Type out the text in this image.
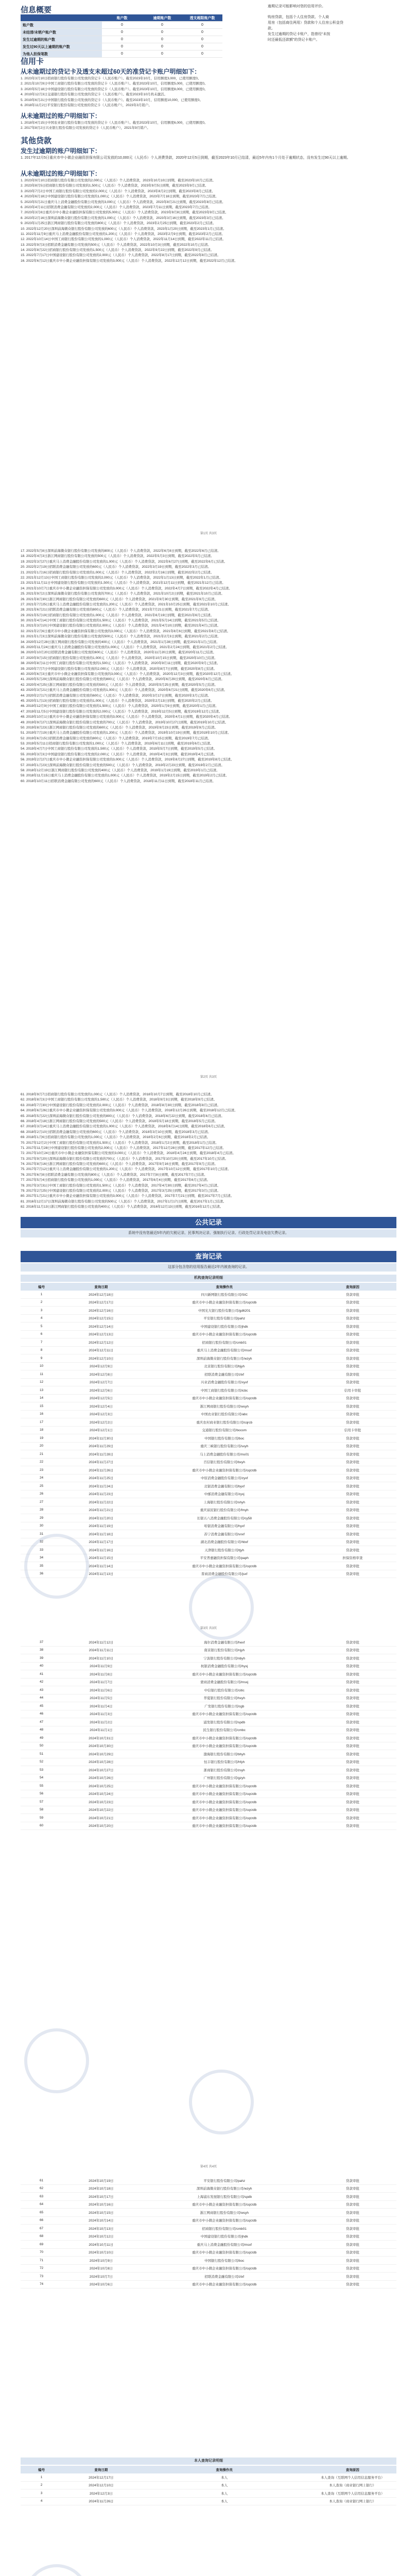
信息概要
	账户数	逾期账户数	透支超限账户数
账户数	0	0	0
未结清/未销户账户数	0	0	0
发生过逾期的账户数	0	0	0
发生过90天以上逾期的账户数	0	0	0
为他人担保笔数	0	0	0
逾期记录可能影响对您的信用评价。
购房贷款，包括个人住房贷款、个人商
用房（包括商住两用）贷款和个人住房公积金贷
款。
发生过逾期的贷记卡账户，指曾经“未按
时还最低还款额”的贷记卡账户。
信用卡
从未逾期过的贷记卡及透支未超过60天的准贷记卡账户明细如下：
1. 2023年3月10日招商银行股份有限公司发放的贷记卡（人民币账户）。截至2023年10月，信用额度3,000，已使用额度0。
2. 2021年10月9日中国工商银行股份有限公司发放的贷记卡（人民币账户）。截至2023年10月，信用额度5,000，已使用额度0。
3. 2020年5月18日中国建设银行股份有限公司发放的贷记卡（人民币账户）。截至2023年10月，信用额度8,000，已使用额度0。
4. 2019年12月3日交通银行股份有限公司发放的贷记卡（人民币账户）。截至2023年10月尚未激活。
5. 2019年6月21日中国银行股份有限公司发放的贷记卡（人民币账户）。截至2023年10月，信用额度10,000，已使用额度0。
6. 2018年11月2日平安银行股份有限公司发放的贷记卡（人民币账户），2023年3月销户。
从未逾期过的账户明细如下：
1. 2018年4月15日中国农业银行股份有限公司发放的贷记卡（人民币账户）。截至2023年10月，信用额度6,000，已使用额度0。
2. 2017年8月2日兴业银行股份有限公司发放的贷记卡（人民币账户），2021年9月销户。
其他贷款
发生过逾期的账户明细如下：
1. 2017年12月5日重庆市中小微企业融资担保有限公司发放的10,000元（人民币）个人消费贷款，2020年12月5日到期，截至2023年10月已结清，最近5年内有1个月处于逾期状态，没有发生过90天以上逾期。
从未逾期过的账户明细如下：
1. 2023年9月10日招商银行股份有限公司发放的2,000元（人民币）个人消费贷款，2023年10月10日到期，截至2023年10月已结清。
2. 2023年8月5日招商银行股份有限公司发放的1,500元（人民币）个人消费贷款，2023年9月5日到期，截至2023年9月已结清。
3. 2023年7月2日中国工商银行股份有限公司发放的2,000元（人民币）个人消费贷款，2023年8月2日到期，截至2023年8月已结清。
4. 2023年6月18日中国建设银行股份有限公司发放的1,000元（人民币）个人消费贷款，2023年7月18日到期，截至2023年7月已结清。
5. 2023年5月21日重庆马上消费金融股份有限公司发放的3,000元（人民币）个人消费贷款，2023年8月21日到期，截至2023年8月已结清。
6. 2023年4月11日招联消费金融有限公司发放的2,000元（人民币）个人消费贷款，2023年7月11日到期，截至2023年7月已结清。
7. 2023年3月8日重庆市中小微企业融资担保有限公司发放的5,000元（人民币）个人消费贷款，2023年9月8日到期，截至2023年9月已结清。
8. 2023年2月16日深圳前海微众银行股份有限公司发放的1,000元（人民币）个人消费贷款，2023年3月16日到期，截至2023年3月已结清。
9. 2023年1月25日浙江网商银行股份有限公司发放的800元（人民币）个人消费贷款，2023年2月25日到期，截至2023年2月已结清。
10. 2022年12月20日深圳前海微众银行股份有限公司发放的600元（人民币）个人消费贷款，2023年1月20日到期，截至2023年1月已结清。
11. 2022年11月9日重庆马上消费金融股份有限公司发放的1,200元（人民币）个人消费贷款，2023年2月9日到期，截至2023年2月已结清。
12. 2022年10月14日中国工商银行股份有限公司发放的1,000元（人民币）个人消费贷款，2022年11月14日到期，截至2022年11月已结清。
13. 2022年9月3日招联消费金融有限公司发放的500元（人民币）个人消费贷款，2022年10月3日到期，截至2022年10月已结清。
14. 2022年8月22日招商银行股份有限公司发放的1,500元（人民币）个人消费贷款，2022年9月22日到期，截至2022年9月已结清。
15. 2022年7月17日中国建设银行股份有限公司发放的2,000元（人民币）个人消费贷款，2022年8月17日到期，截至2022年8月已结清。
16. 2022年6月12日重庆市中小微企业融资担保有限公司发放的3,000元（人民币）个人消费贷款，2022年12月12日到期，截至2022年12月已结清。
第1页 共3页
17. 2022年5月8日深圳前海微众银行股份有限公司发放的800元（人民币）个人消费贷款，2022年6月8日到期，截至2022年6月已结清。
18. 2022年4月3日浙江网商银行股份有限公司发放的500元（人民币）个人消费贷款，2022年5月3日到期，截至2022年5月已结清。
19. 2022年3月27日重庆马上消费金融股份有限公司发放的1,000元（人民币）个人消费贷款，2022年6月27日到期，截至2022年6月已结清。
20. 2022年2月19日招联消费金融有限公司发放的600元（人民币）个人消费贷款，2022年3月19日到期，截至2022年3月已结清。
21. 2022年1月16日招商银行股份有限公司发放的1,000元（人民币）个人消费贷款，2022年2月16日到期，截至2022年2月已结清。
22. 2021年12月13日中国工商银行股份有限公司发放的2,000元（人民币）个人消费贷款，2022年1月13日到期，截至2022年1月已结清。
23. 2021年11月11日中国建设银行股份有限公司发放的1,500元（人民币）个人消费贷款，2021年12月11日到期，截至2021年12月已结清。
24. 2021年10月7日重庆市中小微企业融资担保有限公司发放的3,000元（人民币）个人消费贷款，2022年4月7日到期，截至2022年4月已结清。
25. 2021年9月2日深圳前海微众银行股份有限公司发放的700元（人民币）个人消费贷款，2021年10月2日到期，截至2021年10月已结清。
26. 2021年8月30日浙江网商银行股份有限公司发放的600元（人民币）个人消费贷款，2021年9月30日到期，截至2021年9月已结清。
27. 2021年7月25日重庆马上消费金融股份有限公司发放的1,200元（人民币）个人消费贷款，2021年10月25日到期，截至2021年10月已结清。
28. 2021年6月21日招联消费金融有限公司发放的800元（人民币）个人消费贷款，2021年7月21日到期，截至2021年7月已结清。
29. 2021年5月19日招商银行股份有限公司发放的1,000元（人民币）个人消费贷款，2021年6月19日到期，截至2021年6月已结清。
30. 2021年4月14日中国工商银行股份有限公司发放的1,500元（人民币）个人消费贷款，2021年5月14日到期，截至2021年5月已结清。
31. 2021年3月10日中国建设银行股份有限公司发放的2,000元（人民币）个人消费贷款，2021年4月10日到期，截至2021年4月已结清。
32. 2021年2月6日重庆市中小微企业融资担保有限公司发放的3,000元（人民币）个人消费贷款，2021年8月6日到期，截至2021年8月已结清。
33. 2021年1月3日深圳前海微众银行股份有限公司发放的500元（人民币）个人消费贷款，2021年2月3日到期，截至2021年2月已结清。
34. 2020年12月28日浙江网商银行股份有限公司发放的400元（人民币）个人消费贷款，2021年1月28日到期，截至2021年1月已结清。
35. 2020年11月24日重庆马上消费金融股份有限公司发放的1,000元（人民币）个人消费贷款，2021年2月24日到期，截至2021年2月已结清。
36. 2020年10月20日招联消费金融有限公司发放的600元（人民币）个人消费贷款，2020年11月20日到期，截至2020年11月已结清。
37. 2020年9月15日招商银行股份有限公司发放的1,000元（人民币）个人消费贷款，2020年10月15日到期，截至2020年10月已结清。
38. 2020年8月11日中国工商银行股份有限公司发放的1,500元（人民币）个人消费贷款，2020年9月11日到期，截至2020年9月已结清。
39. 2020年7月7日中国建设银行股份有限公司发放的2,000元（人民币）个人消费贷款，2020年8月7日到期，截至2020年8月已结清。
40. 2020年6月3日重庆市中小微企业融资担保有限公司发放的3,000元（人民币）个人消费贷款，2020年12月3日到期，截至2020年12月已结清。
41. 2020年5月29日深圳前海微众银行股份有限公司发放的800元（人民币）个人消费贷款，2020年6月29日到期，截至2020年6月已结清。
42. 2020年4月25日浙江网商银行股份有限公司发放的500元（人民币）个人消费贷款，2020年5月25日到期，截至2020年5月已结清。
43. 2020年3月21日重庆马上消费金融股份有限公司发放的1,000元（人民币）个人消费贷款，2020年6月21日到期，截至2020年6月已结清。
44. 2020年2月17日招联消费金融有限公司发放的600元（人民币）个人消费贷款，2020年3月17日到期，截至2020年3月已结清。
45. 2020年1月13日招商银行股份有限公司发放的1,000元（人民币）个人消费贷款，2020年2月13日到期，截至2020年2月已结清。
46. 2019年12月9日中国工商银行股份有限公司发放的1,500元（人民币）个人消费贷款，2020年1月9日到期，截至2020年1月已结清。
47. 2019年11月5日中国建设银行股份有限公司发放的2,000元（人民币）个人消费贷款，2019年12月5日到期，截至2019年12月已结清。
48. 2019年10月1日重庆市中小微企业融资担保有限公司发放的3,000元（人民币）个人消费贷款，2020年4月1日到期，截至2020年4月已结清。
49. 2019年9月27日深圳前海微众银行股份有限公司发放的700元（人民币）个人消费贷款，2019年10月27日到期，截至2019年10月已结清。
50. 2019年8月23日浙江网商银行股份有限公司发放的600元（人民币）个人消费贷款，2019年9月23日到期，截至2019年9月已结清。
51. 2019年7月19日重庆马上消费金融股份有限公司发放的1,200元（人民币）个人消费贷款，2019年10月19日到期，截至2019年10月已结清。
52. 2019年6月15日招联消费金融有限公司发放的800元（人民币）个人消费贷款，2019年7月15日到期，截至2019年7月已结清。
53. 2019年5月11日招商银行股份有限公司发放的1,000元（人民币）个人消费贷款，2019年6月11日到期，截至2019年6月已结清。
54. 2019年4月7日中国工商银行股份有限公司发放的1,500元（人民币）个人消费贷款，2019年5月7日到期，截至2019年5月已结清。
55. 2019年3月3日中国建设银行股份有限公司发放的2,000元（人民币）个人消费贷款，2019年4月3日到期，截至2019年4月已结清。
56. 2019年2月27日重庆市中小微企业融资担保有限公司发放的3,000元（人民币）个人消费贷款，2019年8月27日到期，截至2019年8月已结清。
57. 2019年1月23日深圳前海微众银行股份有限公司发放的500元（人民币）个人消费贷款，2019年2月23日到期，截至2019年2月已结清。
58. 2018年12月19日浙江网商银行股份有限公司发放的400元（人民币）个人消费贷款，2019年1月19日到期，截至2019年1月已结清。
59. 2018年11月15日重庆马上消费金融股份有限公司发放的1,000元（人民币）个人消费贷款，2019年2月15日到期，截至2019年2月已结清。
60. 2018年10月11日招联消费金融有限公司发放的600元（人民币）个人消费贷款，2018年11月11日到期，截至2018年11月已结清。
第2页 共3页
61. 2018年9月7日招商银行股份有限公司发放的1,000元（人民币）个人消费贷款，2018年10月7日到期，截至2018年10月已结清。
62. 2018年8月3日中国工商银行股份有限公司发放的1,500元（人民币）个人消费贷款，2018年9月3日到期，截至2018年9月已结清。
63. 2018年7月30日中国建设银行股份有限公司发放的2,000元（人民币）个人消费贷款，2018年8月30日到期，截至2018年8月已结清。
64. 2018年6月26日重庆市中小微企业融资担保有限公司发放的3,000元（人民币）个人消费贷款，2018年12月26日到期，截至2018年12月已结清。
65. 2018年5月22日深圳前海微众银行股份有限公司发放的800元（人民币）个人消费贷款，2018年6月22日到期，截至2018年6月已结清。
66. 2018年4月18日浙江网商银行股份有限公司发放的500元（人民币）个人消费贷款，2018年5月18日到期，截至2018年5月已结清。
67. 2018年3月14日重庆马上消费金融股份有限公司发放的1,000元（人民币）个人消费贷款，2018年6月14日到期，截至2018年6月已结清。
68. 2018年2月10日招联消费金融有限公司发放的600元（人民币）个人消费贷款，2018年3月10日到期，截至2018年3月已结清。
69. 2018年1月6日招商银行股份有限公司发放的1,000元（人民币）个人消费贷款，2018年2月6日到期，截至2018年2月已结清。
70. 2017年12月2日中国工商银行股份有限公司发放的1,500元（人民币）个人消费贷款，2018年1月2日到期，截至2018年1月已结清。
71. 2017年11月28日中国建设银行股份有限公司发放的2,000元（人民币）个人消费贷款，2017年12月28日到期，截至2017年12月已结清。
72. 2017年10月24日重庆市中小微企业融资担保有限公司发放的3,000元（人民币）个人消费贷款，2018年4月24日到期，截至2018年4月已结清。
73. 2017年9月20日深圳前海微众银行股份有限公司发放的700元（人民币）个人消费贷款，2017年10月20日到期，截至2017年10月已结清。
74. 2017年8月16日浙江网商银行股份有限公司发放的600元（人民币）个人消费贷款，2017年9月16日到期，截至2017年9月已结清。
75. 2017年7月12日重庆马上消费金融股份有限公司发放的1,200元（人民币）个人消费贷款，2017年10月12日到期，截至2017年10月已结清。
76. 2017年6月8日招联消费金融有限公司发放的800元（人民币）个人消费贷款，2017年7月8日到期，截至2017年7月已结清。
77. 2017年5月4日招商银行股份有限公司发放的1,000元（人民币）个人消费贷款，2017年6月4日到期，截至2017年6月已结清。
78. 2017年3月31日中国工商银行股份有限公司发放的1,500元（人民币）个人消费贷款，2017年4月30日到期，截至2017年4月已结清。
79. 2017年2月25日中国建设银行股份有限公司发放的2,000元（人民币）个人消费贷款，2017年3月25日到期，截至2017年3月已结清。
80. 2017年1月21日重庆市中小微企业融资担保有限公司发放的3,000元（人民币）个人消费贷款，2017年7月21日到期，截至2017年7月已结清。
81. 2016年12月17日深圳前海微众银行股份有限公司发放的500元（人民币）个人消费贷款，2017年1月17日到期，截至2017年1月已结清。
82. 2016年11月13日浙江网商银行股份有限公司发放的400元（人民币）个人消费贷款，2016年12月13日到期，截至2016年12月已结清。
公共记录
系统中没有您最近5年内的欠税记录、民事判决记录、强制执行记录、行政处罚记录及电信欠费记录。
查询记录
这部分包含您的信用报告最近2年内被查询的记录。
机构查询记录明细
编号	查询日期	查询操作员	查询原因
1	2024年12月18日	四川新网银行股份有限公司/SIC	贷款审批
2	2024年12月17日	重庆市中小微企业融资担保有限公司/cqrzdb	贷款审批
3	2024年12月16日	中国光大银行股份有限公司/gd6201	贷款审批
4	2024年12月15日	平安银行股份有限公司/pahz	贷款审批
5	2024年12月14日	中国建设银行股份有限公司/jhdk	贷款审批
6	2024年12月13日	重庆市中小微企业融资担保有限公司/cqrzdb	贷款审批
7	2024年12月12日	招商银行股份有限公司/cmb01	贷款审批
8	2024年12月11日	重庆马上消费金融股份有限公司/msxf	贷款审批
9	2024年12月10日	深圳前海微众银行股份有限公司/wzyh	贷款审批
10	2024年12月9日	北京银行股份有限公司/bjyh	贷款审批
11	2024年12月8日	招联消费金融有限公司/zlxf	贷款审批
12	2024年12月7日	兴业消费金融股份有限公司/xyxf	贷款审批
13	2024年12月6日	中国工商银行股份有限公司/icbc	信用卡审批
14	2024年12月5日	重庆市中小微企业融资担保有限公司/cqrzdb	贷款审批
15	2024年12月4日	浙江网商银行股份有限公司/wsyh	贷款审批
16	2024年12月3日	中国农业银行股份有限公司/abc	贷款审批
17	2024年12月2日	重庆农村商业银行股份有限公司/cqrcb	贷款审批
18	2024年12月1日	交通银行股份有限公司/bocom	信用卡审批
19	2024年11月30日	中国银行股份有限公司/boc	贷款审批
20	2024年11月29日	重庆三峡银行股份有限公司/sxyh	贷款审批
21	2024年11月28日	马上消费金融股份有限公司/ms01	贷款审批
22	2024年11月27日	百信银行股份有限公司/bxyh	贷款审批
23	2024年11月26日	重庆市中小微企业融资担保有限公司/cqrzdb	贷款审批
24	2024年11月25日	中原消费金融股份有限公司/zyxf	贷款审批
25	2024年11月24日	北银消费金融有限公司/byxf	贷款审批
26	2024年11月23日	中邮消费金融有限公司/zyxj	贷款审批
27	2024年11月22日	上海银行股份有限公司/shyh	贷款审批
28	2024年11月21日	重庆富民银行股份有限公司/fmyh	贷款审批
29	2024年11月20日	长银五八消费金融股份有限公司/cy58	贷款审批
30	2024年11月19日	哈银消费金融有限公司/hyxf	贷款审批
31	2024年11月18日	苏宁消费金融有限公司/snxf	贷款审批
32	2024年11月17日	湖北消费金融股份有限公司/hbxf	贷款审批
33	2024年11月16日	天津银行股份有限公司/tjyh	贷款审批
34	2024年11月15日	平安普惠融资担保有限公司/paph	担保资格审查
35	2024年11月14日	重庆市中小微企业融资担保有限公司/cqrzdb	贷款审批
36	2024年11月13日	晋商消费金融股份有限公司/jsxf	贷款审批
第3页 共3页
37	2024年11月12日	海尔消费金融有限公司/hexf	贷款审批
38	2024年11月11日	南京银行股份有限公司/njyh	贷款审批
39	2024年11月10日	宁波银行股份有限公司/nbyh	贷款审批
40	2024年11月9日	杭银消费金融股份有限公司/hyxj	贷款审批
41	2024年11月8日	重庆市中小微企业融资担保有限公司/cqrzdb	贷款审批
42	2024年11月7日	蒙商消费金融股份有限公司/msxj	贷款审批
43	2024年11月6日	中信银行股份有限公司/citic	贷款审批
44	2024年11月5日	华夏银行股份有限公司/hxyh	贷款审批
45	2024年11月4日	广发银行股份有限公司/cgb	贷款审批
46	2024年11月3日	重庆市中小微企业融资担保有限公司/cqrzdb	贷款审批
47	2024年11月2日	浦发银行股份有限公司/spdb	贷款审批
48	2024年11月1日	民生银行股份有限公司/cmbc	贷款审批
49	2024年10月31日	重庆市中小微企业融资担保有限公司/cqrzdb	贷款审批
50	2024年10月30日	重庆市中小微企业融资担保有限公司/cqrzdb	贷款审批
51	2024年10月29日	渤海银行股份有限公司/bhyh	贷款审批
52	2024年10月28日	恒丰银行股份有限公司/hfyh	贷款审批
53	2024年10月27日	浙商银行股份有限公司/zsyh	贷款审批
54	2024年10月26日	广州银行股份有限公司/gzyh	贷款审批
55	2024年10月25日	重庆市中小微企业融资担保有限公司/cqrzdb	贷款审批
56	2024年10月24日	重庆市中小微企业融资担保有限公司/cqrzdb	贷款审批
57	2024年10月23日	重庆市中小微企业融资担保有限公司/cqrzdb	贷款审批
58	2024年10月22日	重庆市中小微企业融资担保有限公司/cqrzdb	贷款审批
59	2024年10月21日	重庆市中小微企业融资担保有限公司/cqrzdb	贷款审批
60	2024年10月20日	重庆市中小微企业融资担保有限公司/cqrzdb	贷款审批
第4页 共4页
61	2024年10月19日	平安银行股份有限公司/pahz	贷款审批
62	2024年10月18日	深圳前海微众银行股份有限公司/wzyh	贷款审批
63	2024年10月17日	上海浦东发展银行股份有限公司/spdb	贷款审批
64	2024年10月16日	重庆市中小微企业融资担保有限公司/cqrzdb	贷款审批
65	2024年10月15日	浙江网商银行股份有限公司/wsyh	贷款审批
66	2024年10月14日	重庆市中小微企业融资担保有限公司/cqrzdb	贷款审批
67	2024年10月13日	招商银行股份有限公司/cmb01	贷款审批
68	2024年10月12日	中国建设银行股份有限公司/jhdk	贷款审批
69	2024年10月11日	重庆马上消费金融股份有限公司/msxf	贷款审批
70	2024年10月10日	重庆市中小微企业融资担保有限公司/cqrzdb	贷款审批
71	2024年10月9日	中国银行股份有限公司/boc	贷款审批
72	2024年10月8日	重庆市中小微企业融资担保有限公司/cqrzdb	贷款审批
73	2024年10月7日	招联消费金融有限公司/zlxf	贷款审批
74	2024年10月6日	重庆市中小微企业融资担保有限公司/cqrzdb	贷款审批
本人查询记录明细
编号	查询日期	查询操作员	查询原因
1	2024年12月17日	本人	本人查询（互联网个人信用信息服务平台）
2	2024年12月10日	本人	本人查询（商业银行网上银行）
3	2024年12月3日	本人	本人查询（互联网个人信用信息服务平台）
4	2024年11月26日	本人	本人查询（商业银行网上银行）
